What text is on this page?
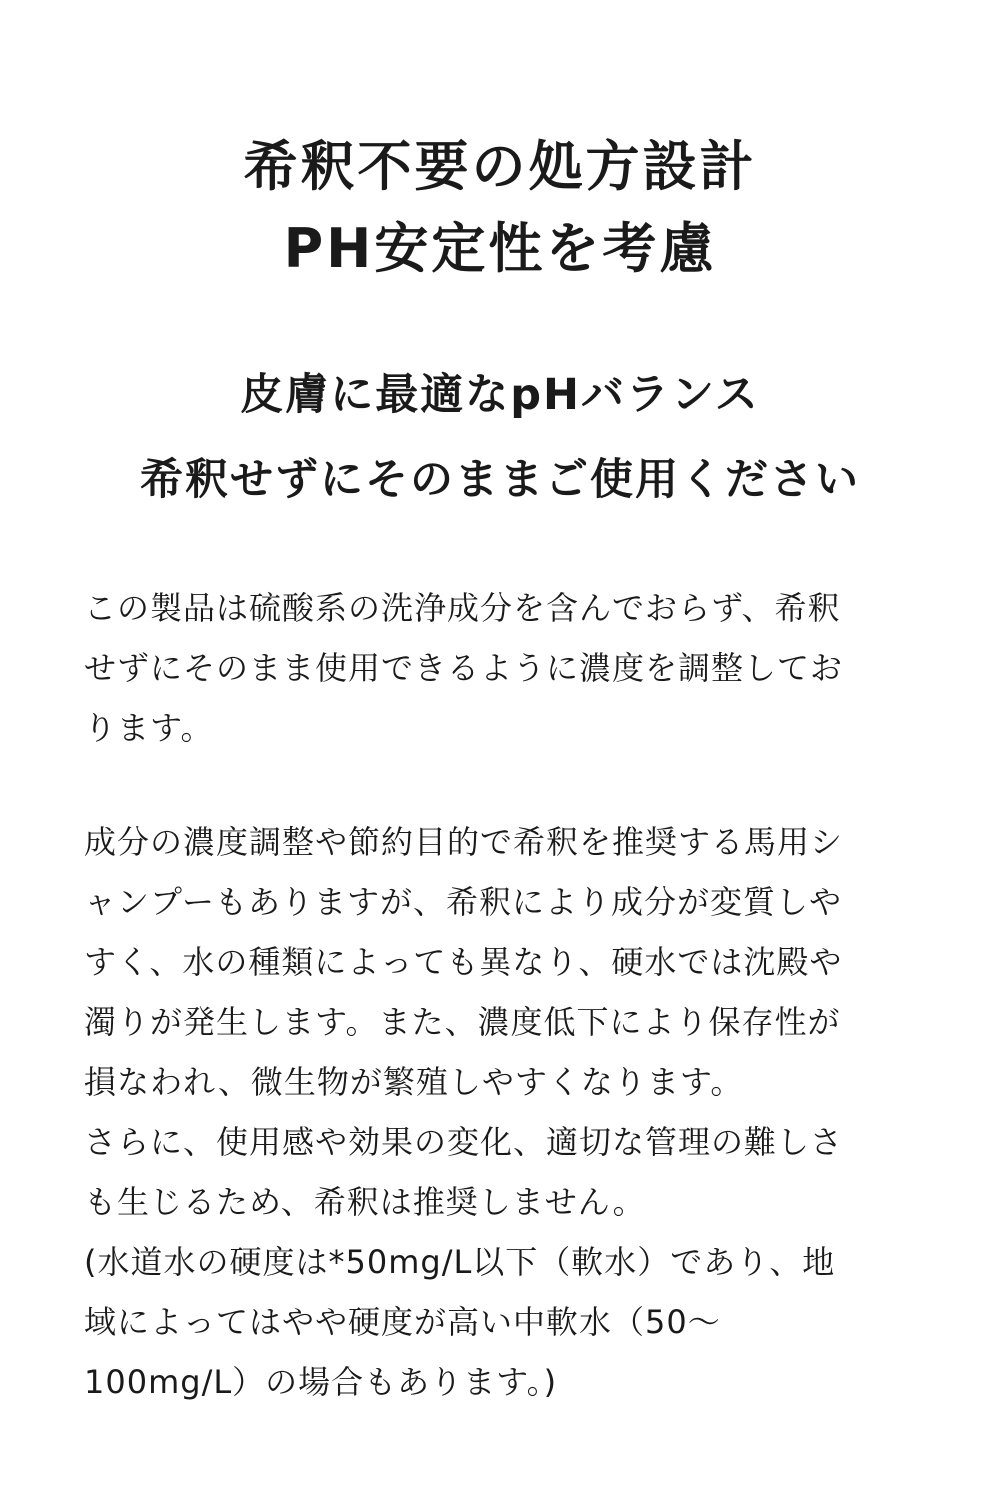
希釈不要の処方設計
PH安定性を考慮
皮膚に最適なpHバランス
希釈せずにそのままご使用ください
この製品は硫酸系の洗浄成分を含んでおらず、希釈
せずにそのまま使用できるように濃度を調整してお
ります。
成分の濃度調整や節約目的で希釈を推奨する馬用シ
ャンプーもありますが、希釈により成分が変質しや
すく、水の種類によっても異なり、硬水では沈殿や
濁りが発生します。また、濃度低下により保存性が
損なわれ、微生物が繁殖しやすくなります。
さらに、使用感や効果の変化、適切な管理の難しさ
も生じるため、希釈は推奨しません。
(水道水の硬度は*50mg/L以下（軟水）であり、地
域によってはやや硬度が高い中軟水（50～
100mg/L）の場合もあります。)
